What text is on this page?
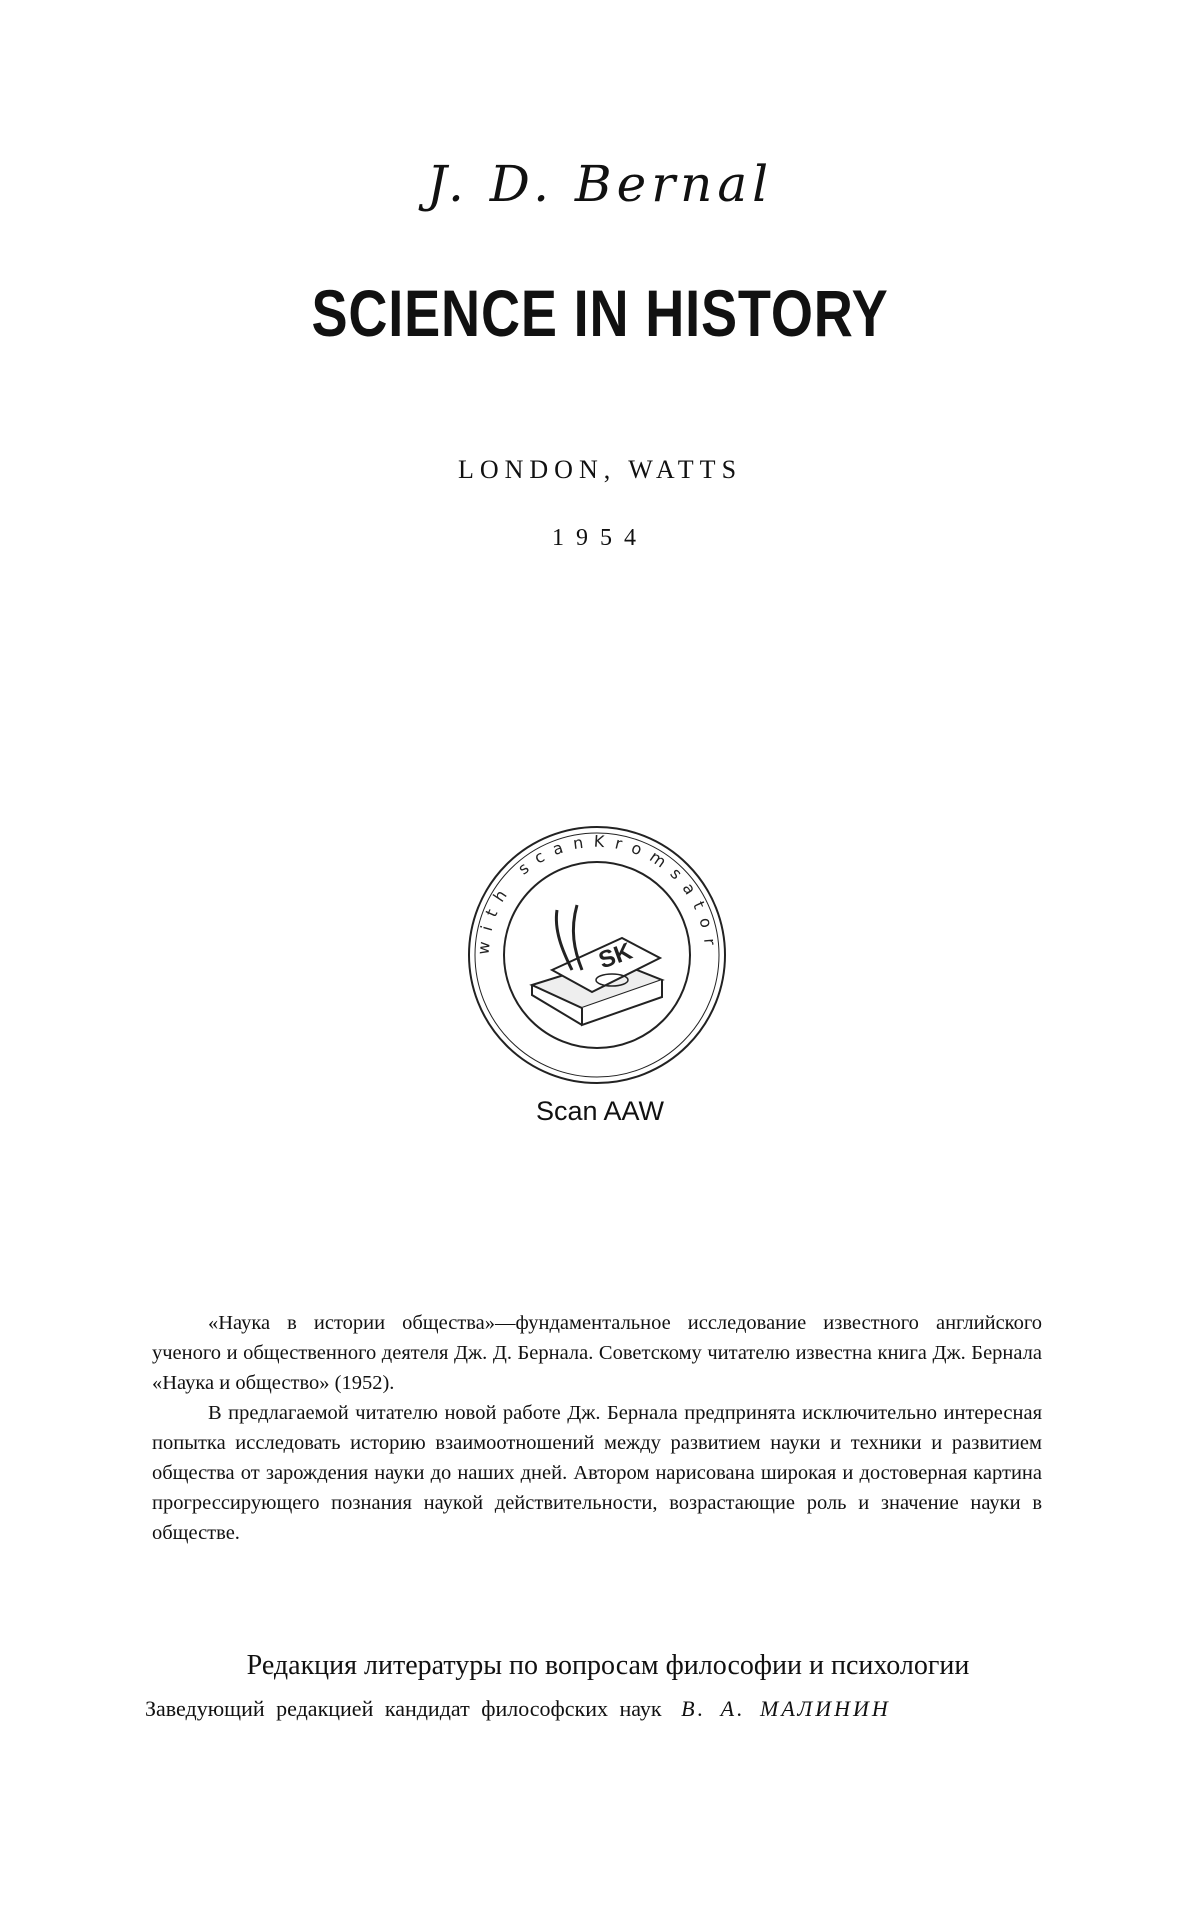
J. D. Bernal
SCIENCE IN HISTORY
LONDON, WATTS
1954
with scanKromsator
SK
Scan AAW

«Наука в истории общества»—фундаментальное исследование известного английского ученого и общественного деятеля Дж. Д. Бернала. Советскому читателю известна книга Дж. Бернала «Наука и общество» (1952).

В предлагаемой читателю новой работе Дж. Бернала предпринята исключительно интересная попытка исследовать историю взаимоотношений между развитием науки и техники и развитием общества от зарождения науки до наших дней. Автором нарисована широкая и достоверная картина прогрессирующего познания наукой действительности, возрастающие роль и значение науки в обществе.

Редакция литературы по вопросам философии и психологии
Заведующий редакцией кандидат философских наук В. А. МАЛИНИН
